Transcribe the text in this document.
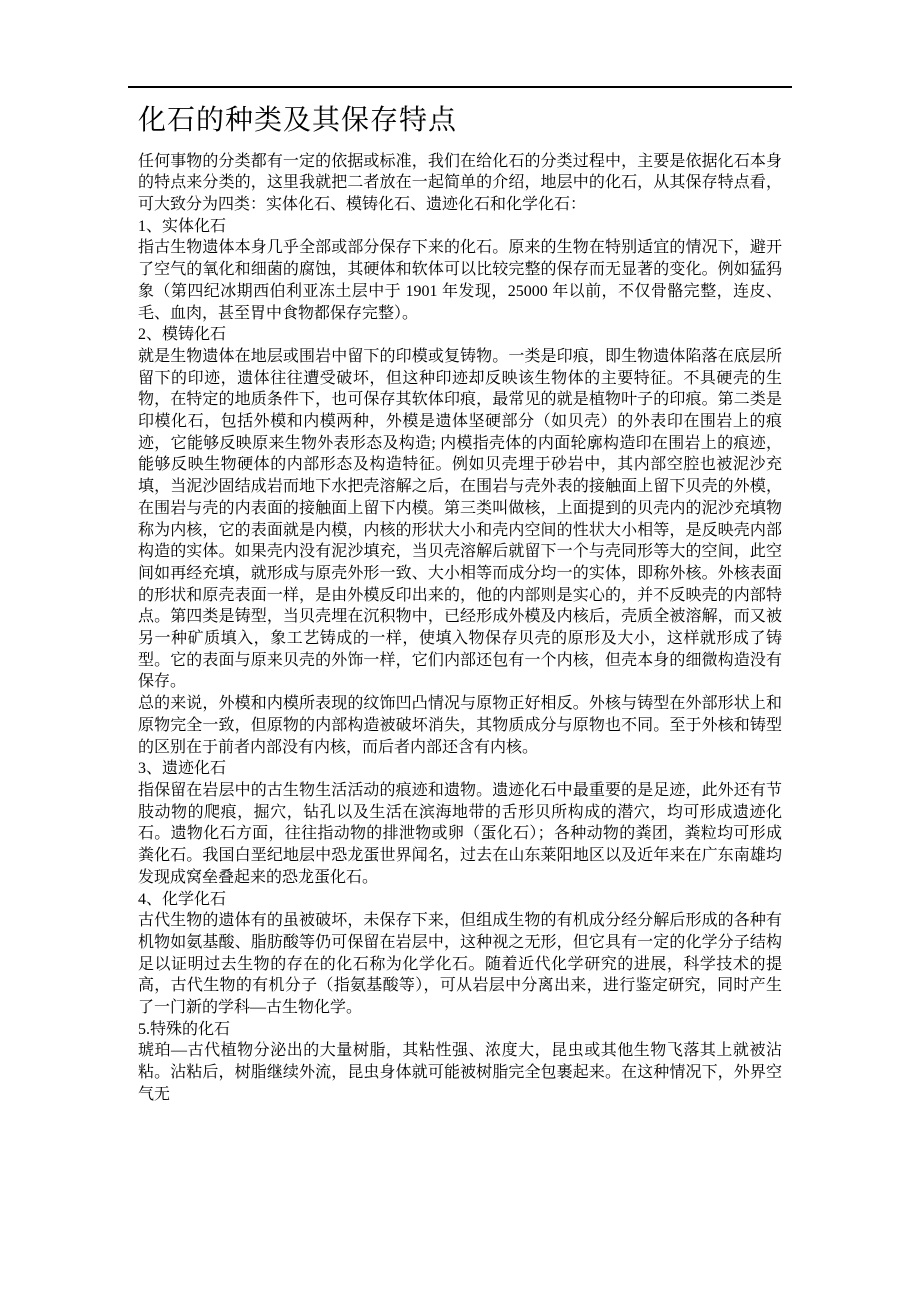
化石的种类及其保存特点

任何事物的分类都有一定的依据或标准，我们在给化石的分类过程中，主要是依据化石本身的特点来分类的，这里我就把二者放在一起简单的介绍，地层中的化石，从其保存特点看，可大致分为四类：实体化石、模铸化石、遗迹化石和化学化石：

1、实体化石

指古生物遗体本身几乎全部或部分保存下来的化石。原来的生物在特别适宜的情况下，避开了空气的氧化和细菌的腐蚀，其硬体和软体可以比较完整的保存而无显著的变化。例如猛犸象（第四纪冰期西伯利亚冻土层中于 1901 年发现，25000 年以前，不仅骨骼完整，连皮、毛、血肉，甚至胃中食物都保存完整）。

2、模铸化石

就是生物遗体在地层或围岩中留下的印模或复铸物。一类是印痕，即生物遗体陷落在底层所留下的印迹，遗体往往遭受破坏，但这种印迹却反映该生物体的主要特征。不具硬壳的生物，在特定的地质条件下，也可保存其软体印痕，最常见的就是植物叶子的印痕。第二类是印模化石，包括外模和内模两种，外模是遗体坚硬部分（如贝壳）的外表印在围岩上的痕迹，它能够反映原来生物外表形态及构造; 内模指壳体的内面轮廓构造印在围岩上的痕迹，能够反映生物硬体的内部形态及构造特征。例如贝壳埋于砂岩中，其内部空腔也被泥沙充填，当泥沙固结成岩而地下水把壳溶解之后，在围岩与壳外表的接触面上留下贝壳的外模，在围岩与壳的内表面的接触面上留下内模。第三类叫做核，上面提到的贝壳内的泥沙充填物称为内核，它的表面就是内模，内核的形状大小和壳内空间的性状大小相等，是反映壳内部构造的实体。如果壳内没有泥沙填充，当贝壳溶解后就留下一个与壳同形等大的空间，此空间如再经充填，就形成与原壳外形一致、大小相等而成分均一的实体，即称外核。外核表面的形状和原壳表面一样，是由外模反印出来的，他的内部则是实心的，并不反映壳的内部特点。第四类是铸型，当贝壳埋在沉积物中，已经形成外模及内核后，壳质全被溶解，而又被另一种矿质填入，象工艺铸成的一样，使填入物保存贝壳的原形及大小，这样就形成了铸型。它的表面与原来贝壳的外饰一样，它们内部还包有一个内核，但壳本身的细微构造没有保存。

总的来说，外模和内模所表现的纹饰凹凸情况与原物正好相反。外核与铸型在外部形状上和原物完全一致，但原物的内部构造被破坏消失，其物质成分与原物也不同。至于外核和铸型的区别在于前者内部没有内核，而后者内部还含有内核。

3、遗迹化石

指保留在岩层中的古生物生活活动的痕迹和遗物。遗迹化石中最重要的是足迹，此外还有节肢动物的爬痕，掘穴，钻孔以及生活在滨海地带的舌形贝所构成的潜穴，均可形成遗迹化石。遗物化石方面，往往指动物的排泄物或卵（蛋化石）；各种动物的粪团，粪粒均可形成粪化石。我国白垩纪地层中恐龙蛋世界闻名，过去在山东莱阳地区以及近年来在广东南雄均发现成窝垒叠起来的恐龙蛋化石。

4、化学化石

古代生物的遗体有的虽被破坏，未保存下来，但组成生物的有机成分经分解后形成的各种有机物如氨基酸、脂肪酸等仍可保留在岩层中，这种视之无形，但它具有一定的化学分子结构足以证明过去生物的存在的化石称为化学化石。随着近代化学研究的进展，科学技术的提高，古代生物的有机分子（指氨基酸等），可从岩层中分离出来，进行鉴定研究，同时产生了一门新的学科—古生物化学。

5.特殊的化石

琥珀—古代植物分泌出的大量树脂，其粘性强、浓度大，昆虫或其他生物飞落其上就被沾粘。沾粘后，树脂继续外流，昆虫身体就可能被树脂完全包裹起来。在这种情况下，外界空气无
